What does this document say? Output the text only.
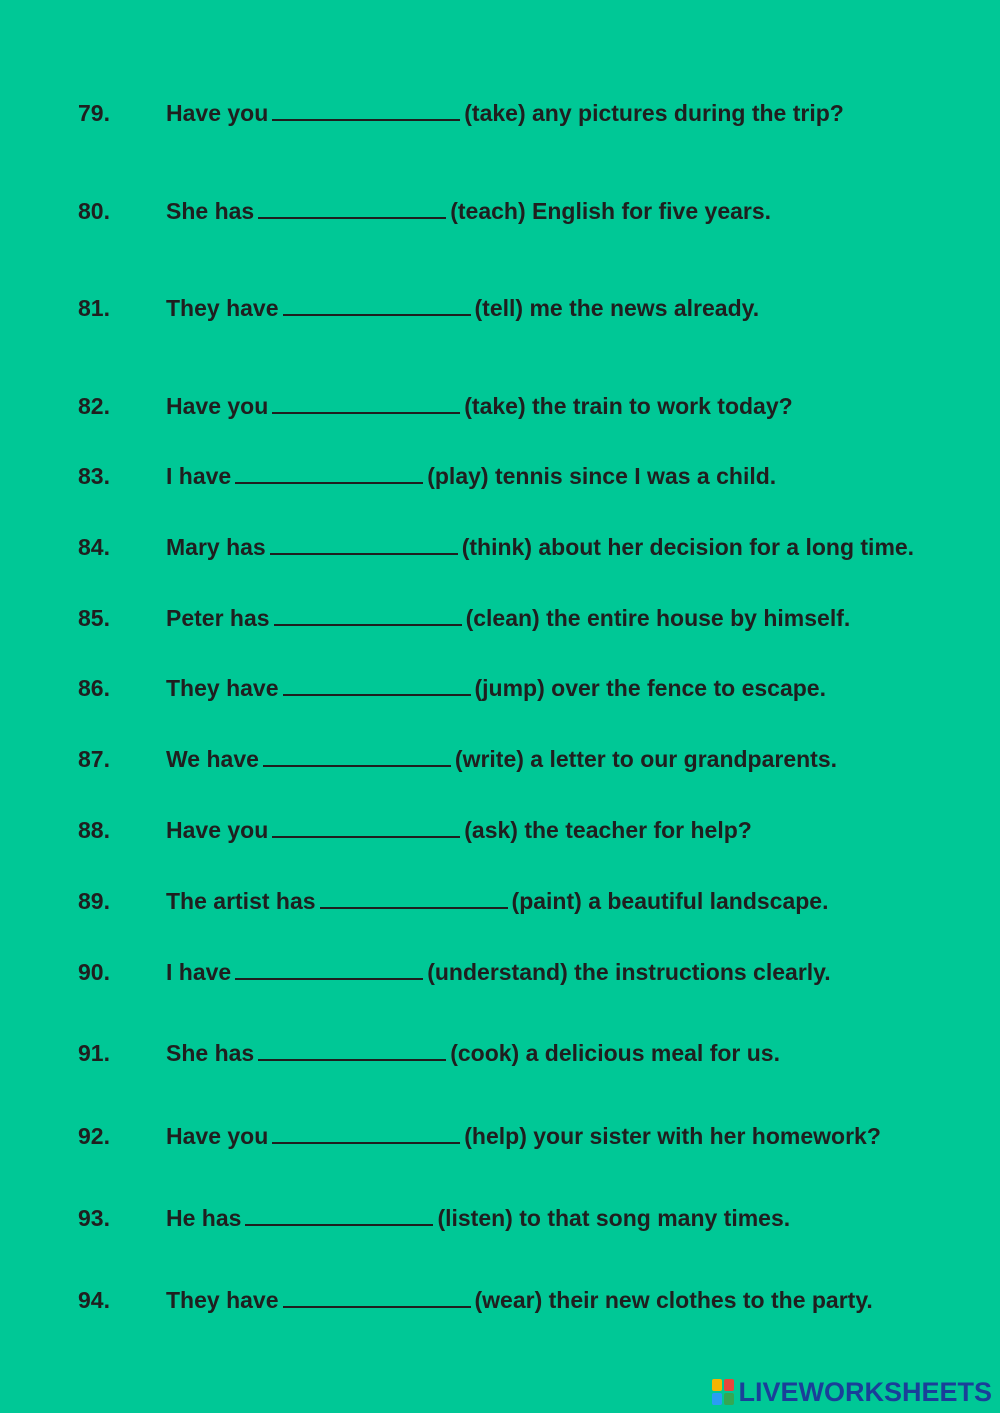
79. Have you	(take) any pictures during the trip?
80. She has	(teach) English for five years.
81. They have	(tell) me the news already.
82. Have you	(take) the train to work today?
83. I have	(play) tennis since I was a child.
84. Mary has	(think) about her decision for a long time.
85. Peter has	(clean) the entire house by himself.
86. They have	(jump) over the fence to escape.
87. We have	(write) a letter to our grandparents.
88. Have you	(ask) the teacher for help?
89. The artist has	(paint) a beautiful landscape.
90. I have	(understand) the instructions clearly.
91. She has	(cook) a delicious meal for us.
92. Have you	(help) your sister with her homework?
93. He has	(listen) to that song many times.
94. They have	(wear) their new clothes to the party.
LIVEWORKSHEETS
